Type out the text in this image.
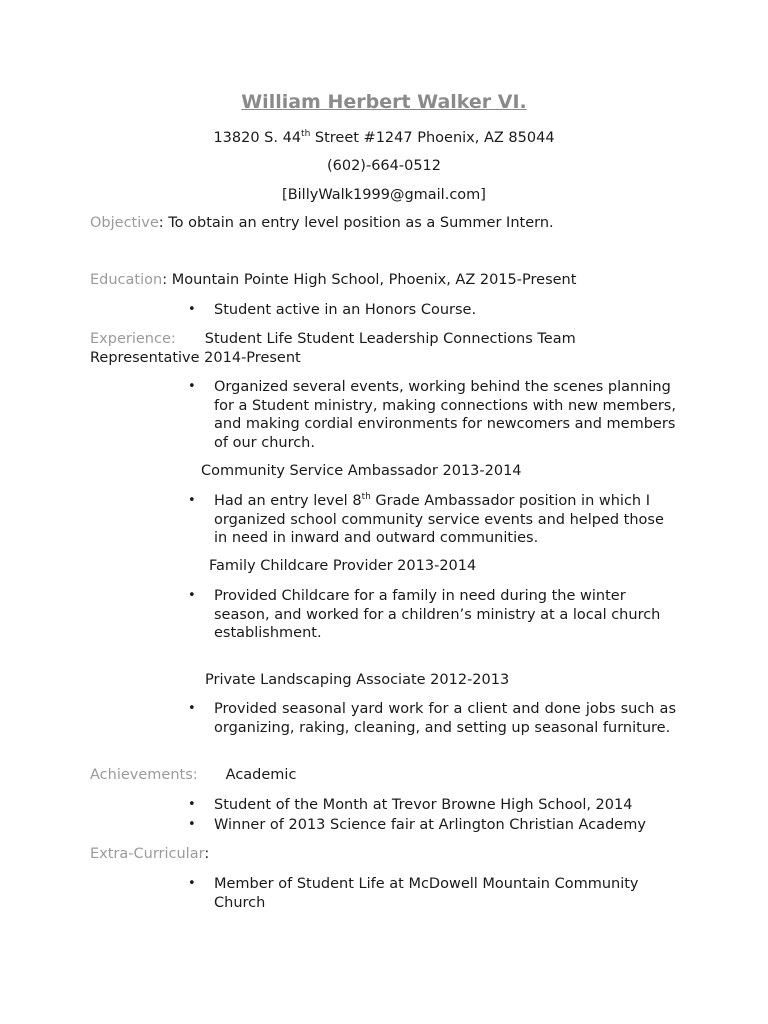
William Herbert Walker VI.
13820 S. 44th Street #1247 Phoenix, AZ 85044
(602)-664-0512
[BillyWalk1999@gmail.com]
Objective: To obtain an entry level position as a Summer Intern.
Education: Mountain Pointe High School, Phoenix, AZ 2015-Present
•	Student active in an Honors Course.
Experience: Student Life Student Leadership Connections Team
Representative 2014-Present
•	Organized several events, working behind the scenes planning for a Student ministry, making connections with new members, and making cordial environments for newcomers and members of our church.
Community Service Ambassador 2013-2014
•	Had an entry level 8th Grade Ambassador position in which I organized school community service events and helped those in need in inward and outward communities.
Family Childcare Provider 2013-2014
•	Provided Childcare for a family in need during the winter season, and worked for a children’s ministry at a local church establishment.
Private Landscaping Associate 2012-2013
•	Provided seasonal yard work for a client and done jobs such as organizing, raking, cleaning, and setting up seasonal furniture.
Achievements: Academic
•	Student of the Month at Trevor Browne High School, 2014
•	Winner of 2013 Science fair at Arlington Christian Academy
Extra-Curricular:
•	Member of Student Life at McDowell Mountain Community Church
